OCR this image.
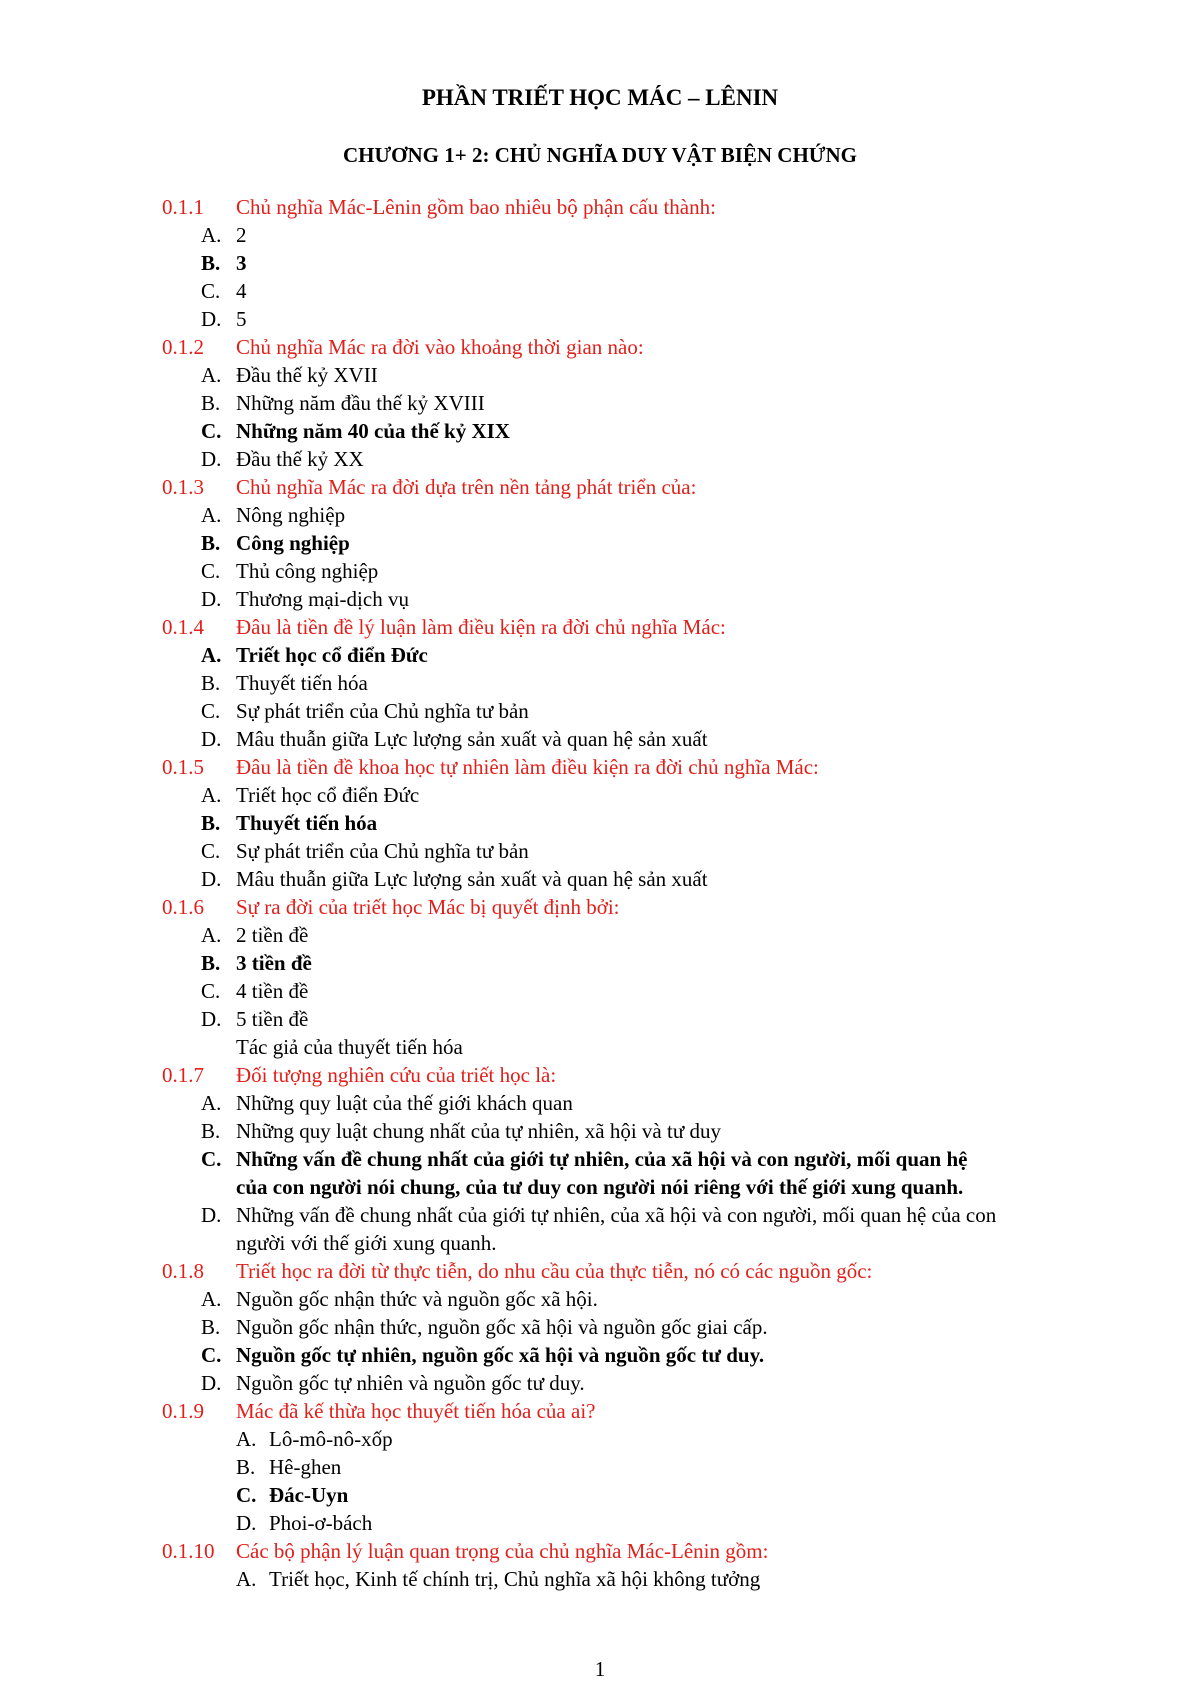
PHẦN TRIẾT HỌC MÁC – LÊNIN
CHƯƠNG 1+ 2: CHỦ NGHĨA DUY VẬT BIỆN CHỨNG
0.1.1 Chủ nghĩa Mác-Lênin gồm bao nhiêu bộ phận cấu thành:
A. 2
B. 3
C. 4
D. 5
0.1.2 Chủ nghĩa Mác ra đời vào khoảng thời gian nào:
A. Đầu thế kỷ XVII
B. Những năm đầu thế kỷ XVIII
C. Những năm 40 của thế kỷ XIX
D. Đầu thế kỷ XX
0.1.3 Chủ nghĩa Mác ra đời dựa trên nền tảng phát triển của:
A. Nông nghiệp
B. Công nghiệp
C. Thủ công nghiệp
D. Thương mại-dịch vụ
0.1.4 Đâu là tiền đề lý luận làm điều kiện ra đời chủ nghĩa Mác:
A. Triết học cổ điển Đức
B. Thuyết tiến hóa
C. Sự phát triển của Chủ nghĩa tư bản
D. Mâu thuẫn giữa Lực lượng sản xuất và quan hệ sản xuất
0.1.5 Đâu là tiền đề khoa học tự nhiên làm điều kiện ra đời chủ nghĩa Mác:
A. Triết học cổ điển Đức
B. Thuyết tiến hóa
C. Sự phát triển của Chủ nghĩa tư bản
D. Mâu thuẫn giữa Lực lượng sản xuất và quan hệ sản xuất
0.1.6 Sự ra đời của triết học Mác bị quyết định bởi:
A. 2 tiền đề
B. 3 tiền đề
C. 4 tiền đề
D. 5 tiền đề
Tác giả của thuyết tiến hóa
0.1.7 Đối tượng nghiên cứu của triết học là:
A. Những quy luật của thế giới khách quan
B. Những quy luật chung nhất của tự nhiên, xã hội và tư duy
C. Những vấn đề chung nhất của giới tự nhiên, của xã hội và con người, mối quan hệ
của con người nói chung, của tư duy con người nói riêng với thế giới xung quanh.
D. Những vấn đề chung nhất của giới tự nhiên, của xã hội và con người, mối quan hệ của con
người với thế giới xung quanh.
0.1.8 Triết học ra đời từ thực tiễn, do nhu cầu của thực tiễn, nó có các nguồn gốc:
A. Nguồn gốc nhận thức và nguồn gốc xã hội.
B. Nguồn gốc nhận thức, nguồn gốc xã hội và nguồn gốc giai cấp.
C. Nguồn gốc tự nhiên, nguồn gốc xã hội và nguồn gốc tư duy.
D. Nguồn gốc tự nhiên và nguồn gốc tư duy.
0.1.9 Mác đã kế thừa học thuyết tiến hóa của ai?
A. Lô-mô-nô-xốp
B. Hê-ghen
C. Đác-Uyn
D. Phoi-ơ-bách
0.1.10 Các bộ phận lý luận quan trọng của chủ nghĩa Mác-Lênin gồm:
A. Triết học, Kinh tế chính trị, Chủ nghĩa xã hội không tưởng
1
